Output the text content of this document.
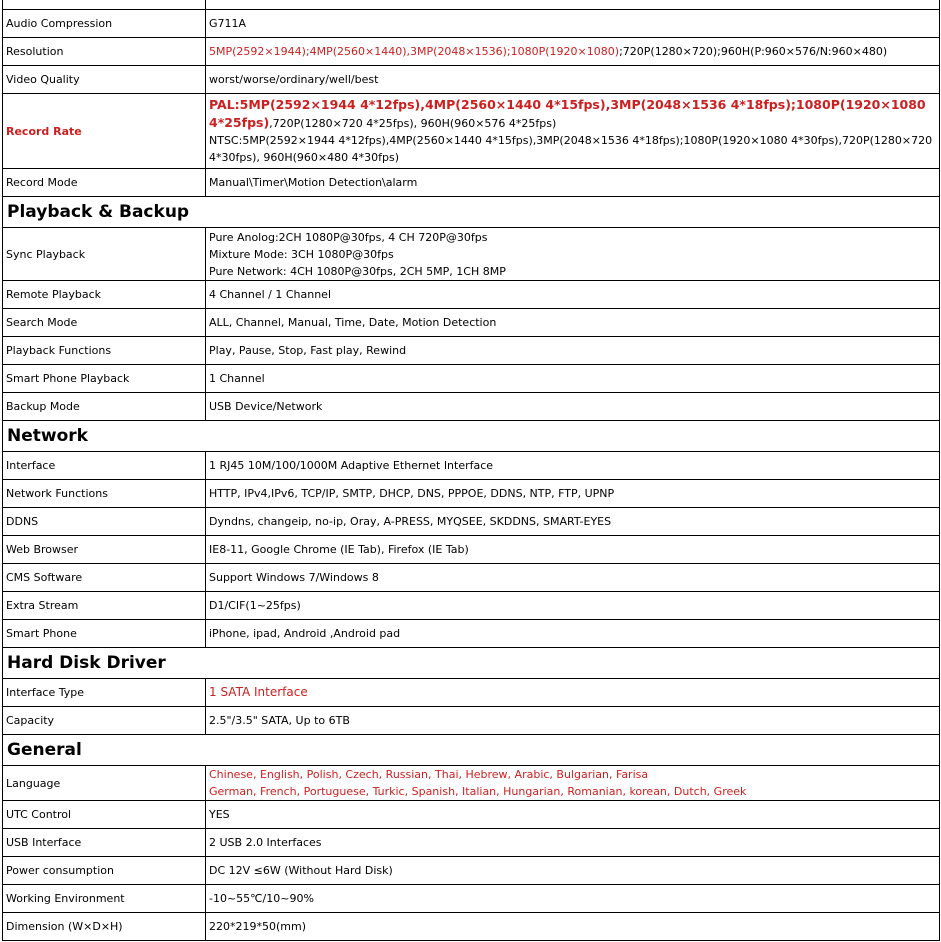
Audio Compression	G711A
Resolution	5MP(2592×1944);4MP(2560×1440),3MP(2048×1536);1080P(1920×1080);720P(1280×720);960H(P:960×576/N:960×480)
Video Quality	worst/worse/ordinary/well/best
Record Rate	PAL:5MP(2592×1944 4*12fps),4MP(2560×1440 4*15fps),3MP(2048×1536 4*18fps);1080P(1920×1080
4*25fps),720P(1280×720 4*25fps), 960H(960×576 4*25fps)
NTSC:5MP(2592×1944 4*12fps),4MP(2560×1440 4*15fps),3MP(2048×1536 4*18fps);1080P(1920×1080 4*30fps),720P(1280×720
4*30fps), 960H(960×480 4*30fps)

Record Mode	Manual\Timer\Motion Detection\alarm
Playback & Backup	
Sync Playback	Pure Anolog:2CH 1080P@30fps, 4 CH 720P@30fps
Mixture Mode: 3CH 1080P@30fps
Pure Network: 4CH 1080P@30fps, 2CH 5MP, 1CH 8MP

Remote Playback	4 Channel / 1 Channel
Search Mode	ALL, Channel, Manual, Time, Date, Motion Detection
Playback Functions	Play, Pause, Stop, Fast play, Rewind
Smart Phone Playback	1 Channel
Backup Mode	USB Device/Network
Network	
Interface	1 RJ45 10M/100/1000M Adaptive Ethernet Interface
Network Functions	HTTP, IPv4,IPv6, TCP/IP, SMTP, DHCP, DNS, PPPOE, DDNS, NTP, FTP, UPNP
DDNS	Dyndns, changeip, no-ip, Oray, A-PRESS, MYQSEE, SKDDNS, SMART-EYES
Web Browser	IE8-11, Google Chrome (IE Tab), Firefox (IE Tab)
CMS Software	Support Windows 7/Windows 8
Extra Stream	D1/CIF(1~25fps)
Smart Phone	iPhone, ipad, Android ,Android pad
Hard Disk Driver	
Interface Type	1 SATA Interface
Capacity	2.5"/3.5" SATA, Up to 6TB
General	
Language	Chinese, English, Polish, Czech, Russian, Thai, Hebrew, Arabic, Bulgarian, Farisa
German, French, Portuguese, Turkic, Spanish, Italian, Hungarian, Romanian, korean, Dutch, Greek

UTC Control	YES
USB Interface	2 USB 2.0 Interfaces
Power consumption	DC 12V ≤6W (Without Hard Disk)
Working Environment	-10~55℃/10~90%
Dimension (W×D×H)	220*219*50(mm)
